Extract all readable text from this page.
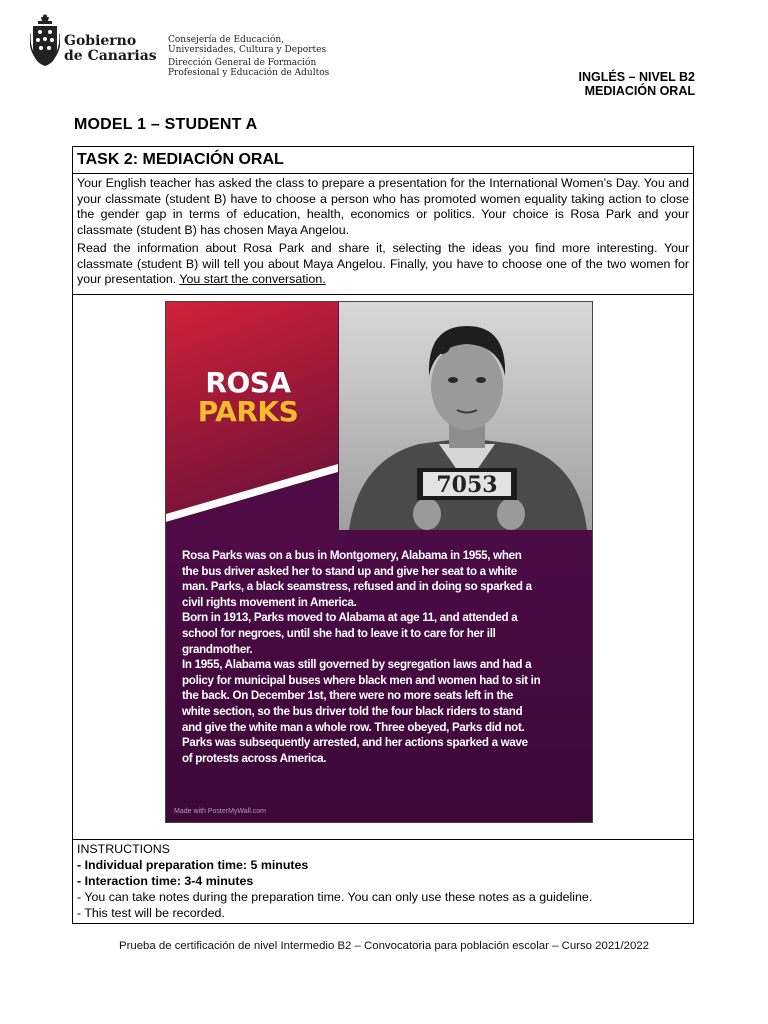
Gobierno
de Canarias
Consejería de Educación,
Universidades, Cultura y Deportes
Dirección General de Formación
Profesional y Educación de Adultos	INGLÉS – NIVEL B2
MEDIACIÓN ORAL
MODEL 1 – STUDENT A
TASK 2: MEDIACIÓN ORAL

Your English teacher has asked the class to prepare a presentation for the International Women’s Day. You and your classmate (student B) have to choose a person who has promoted women equality taking action to close the gender gap in terms of education, health, economics or politics. Your choice is Rosa Park and your classmate (student B) has chosen Maya Angelou.

Read the information about Rosa Park and share it, selecting the ideas you find more interesting. Your classmate (student B) will tell you about Maya Angelou. Finally, you have to choose one of the two women for your presentation. You start the conversation.

ROSA
PARKS
7053
Rosa Parks was on a bus in Montgomery, Alabama in 1955, when
the bus driver asked her to stand up and give her seat to a white
man. Parks, a black seamstress, refused and in doing so sparked a
civil rights movement in America.
Born in 1913, Parks moved to Alabama at age 11, and attended a
school for negroes, until she had to leave it to care for her ill
grandmother.
In 1955, Alabama was still governed by segregation laws and had a
policy for municipal buses where black men and women had to sit in
the back. On December 1st, there were no more seats left in the
white section, so the bus driver told the four black riders to stand
and give the white man a whole row. Three obeyed, Parks did not.
Parks was subsequently arrested, and her actions sparked a wave
of protests across America.
Made with PosterMyWall.com
INSTRUCTIONS
- Individual preparation time: 5 minutes
- Interaction time: 3-4 minutes
- You can take notes during the preparation time. You can only use these notes as a guideline.
- This test will be recorded.
Prueba de certificación de nivel Intermedio B2 – Convocatoria para población escolar – Curso 2021/2022
